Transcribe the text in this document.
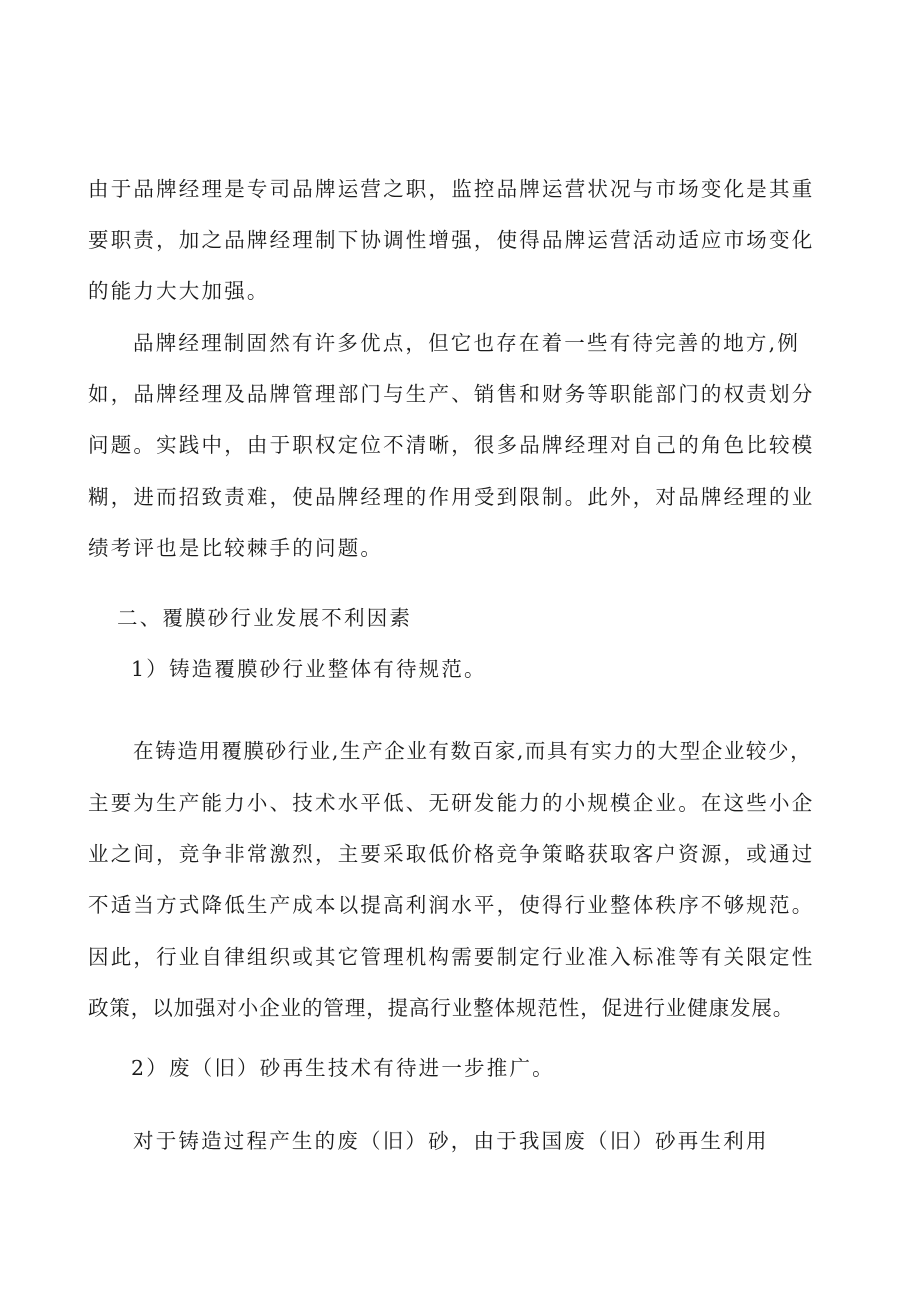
由于品牌经理是专司品牌运营之职，监控品牌运营状况与市场变化是其重
要职责，加之品牌经理制下协调性增强，使得品牌运营活动适应市场变化
的能力大大加强。
品牌经理制固然有许多优点，但它也存在着一些有待完善的地方,例
如，品牌经理及品牌管理部门与生产、销售和财务等职能部门的权责划分
问题。实践中，由于职权定位不清晰，很多品牌经理对自己的角色比较模
糊，进而招致责难，使品牌经理的作用受到限制。此外，对品牌经理的业
绩考评也是比较棘手的问题。
二、覆膜砂行业发展不利因素
1）铸造覆膜砂行业整体有待规范。
在铸造用覆膜砂行业,生产企业有数百家,而具有实力的大型企业较少，
主要为生产能力小、技术水平低、无研发能力的小规模企业。在这些小企
业之间，竞争非常激烈，主要采取低价格竞争策略获取客户资源，或通过
不适当方式降低生产成本以提高利润水平，使得行业整体秩序不够规范。
因此，行业自律组织或其它管理机构需要制定行业准入标准等有关限定性
政策，以加强对小企业的管理，提高行业整体规范性，促进行业健康发展。
2）废（旧）砂再生技术有待进一步推广。
对于铸造过程产生的废（旧）砂，由于我国废（旧）砂再生利用
